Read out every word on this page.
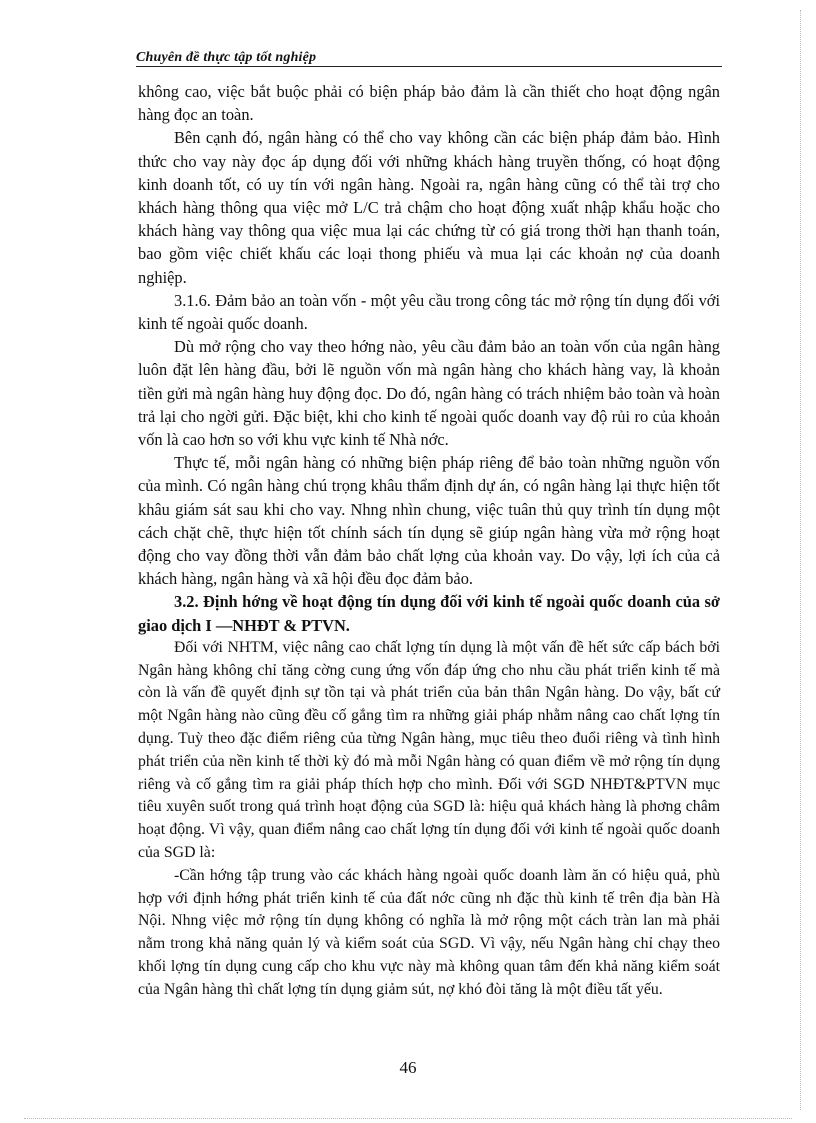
Chuyên đề thực tập tốt nghiệp

không cao, việc bắt buộc phải có biện pháp bảo đảm là cần thiết cho hoạt động ngân hàng đọc an toàn.

Bên cạnh đó, ngân hàng có thể cho vay không cần các biện pháp đảm bảo. Hình thức cho vay này đọc áp dụng đối với những khách hàng truyền thống, có hoạt động kinh doanh tốt, có uy tín với ngân hàng. Ngoài ra, ngân hàng cũng có thể tài trợ cho khách hàng thông qua việc mở L/C trả chậm cho hoạt động xuất nhập khẩu hoặc cho khách hàng vay thông qua việc mua lại các chứng từ có giá trong thời hạn thanh toán, bao gồm việc chiết khấu các loại thong phiếu và mua lại các khoản nợ của doanh nghiệp.

3.1.6. Đảm bảo an toàn vốn - một yêu cầu trong công tác mở rộng tín dụng đối với kinh tế ngoài quốc doanh.

Dù mở rộng cho vay theo hớng nào, yêu cầu đảm bảo an toàn vốn của ngân hàng luôn đặt lên hàng đầu, bởi lẽ nguồn vốn mà ngân hàng cho khách hàng vay, là khoản tiền gửi mà ngân hàng huy động đọc. Do đó, ngân hàng có trách nhiệm bảo toàn và hoàn trả lại cho ngời gửi. Đặc biệt, khi cho kinh tế ngoài quốc doanh vay độ rủi ro của khoản vốn là cao hơn so với khu vực kinh tế Nhà nớc.

Thực tế, mỗi ngân hàng có những biện pháp riêng để bảo toàn những nguồn vốn của mình. Có ngân hàng chú trọng khâu thẩm định dự án, có ngân hàng lại thực hiện tốt khâu giám sát sau khi cho vay. Nhng nhìn chung, việc tuân thủ quy trình tín dụng một cách chặt chẽ, thực hiện tốt chính sách tín dụng sẽ giúp ngân hàng vừa mở rộng hoạt động cho vay đồng thời vẫn đảm bảo chất lợng của khoản vay. Do vậy, lợi ích của cả khách hàng, ngân hàng và xã hội đều đọc đảm bảo.

3.2. Định hớng về hoạt động tín dụng đối với kinh tế ngoài quốc doanh của sở giao dịch I —NHĐT & PTVN.

Đối với NHTM, việc nâng cao chất lợng tín dụng là một vấn đề hết sức cấp bách bởi Ngân hàng không chỉ tăng cờng cung ứng vốn đáp ứng cho nhu cầu phát triển kinh tế mà còn là vấn đề quyết định sự tồn tại và phát triển của bản thân Ngân hàng. Do vậy, bất cứ một Ngân hàng nào cũng đều cố gắng tìm ra những giải pháp nhằm nâng cao chất lợng tín dụng. Tuỳ theo đặc điểm riêng của từng Ngân hàng, mục tiêu theo đuổi riêng và tình hình phát triển của nền kinh tế thời kỳ đó mà mỗi Ngân hàng có quan điểm về mở rộng tín dụng riêng và cố gắng tìm ra giải pháp thích hợp cho mình. Đối với SGD NHĐT&PTVN mục tiêu xuyên suốt trong quá trình hoạt động của SGD là: hiệu quả khách hàng là phơng châm hoạt động. Vì vậy, quan điểm nâng cao chất lợng tín dụng đối với kinh tế ngoài quốc doanh của SGD là:

-Cần hớng tập trung vào các khách hàng ngoài quốc doanh làm ăn có hiệu quả, phù hợp với định hớng phát triển kinh tế của đất nớc cũng nh đặc thù kinh tế trên địa bàn Hà Nội. Nhng việc mở rộng tín dụng không có nghĩa là mở rộng một cách tràn lan mà phải nằm trong khả năng quản lý và kiểm soát của SGD. Vì vậy, nếu Ngân hàng chỉ chạy theo khối lợng tín dụng cung cấp cho khu vực này mà không quan tâm đến khả năng kiểm soát của Ngân hàng thì chất lợng tín dụng giảm sút, nợ khó đòi tăng là một điều tất yếu.

46
